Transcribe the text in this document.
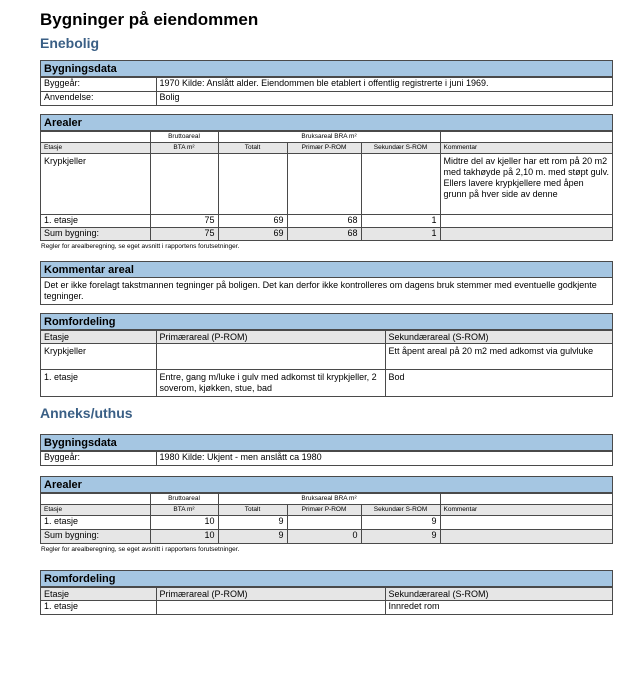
Bygninger på eiendommen
Enebolig
Bygningsdata
Byggeår:	1970 Kilde: Anslått alder. Eiendommen ble etablert i offentlig registrerte i juni 1969.
Anvendelse:	Bolig
Arealer
	Bruttoareal	Bruksareal BRA m²			
Etasje	BTA m²	Totalt	Primær P-ROM	Sekundær S-ROM	Kommentar
Krypkjeller					Midtre del av kjeller har ett rom på 20 m2 med takhøyde på 2,10 m. med støpt gulv. Ellers lavere krypkjellere med åpen grunn på hver side av denne
1. etasje	75	69	68	1	
Sum bygning:	75	69	68	1	
Regler for arealberegning, se eget avsnitt i rapportens forutsetninger.
Kommentar areal
Det er ikke forelagt takstmannen tegninger på boligen. Det kan derfor ikke kontrolleres om dagens bruk stemmer med eventuelle godkjente tegninger.
Romfordeling
Etasje	Primærareal (P-ROM)	Sekundærareal (S-ROM)
Krypkjeller		Ett åpent areal på 20 m2 med adkomst via gulvluke
1. etasje	Entre, gang m/luke i gulv med adkomst til krypkjeller, 2 soverom, kjøkken, stue, bad	Bod
Anneks/uthus
Bygningsdata
Byggeår:	1980 Kilde: Ukjent - men anslått ca 1980
Arealer
	Bruttoareal	Bruksareal BRA m²			
Etasje	BTA m²	Totalt	Primær P-ROM	Sekundær S-ROM	Kommentar
1. etasje	10	9		9	
Sum bygning:	10	9	0	9	
Regler for arealberegning, se eget avsnitt i rapportens forutsetninger.
Romfordeling
Etasje	Primærareal (P-ROM)	Sekundærareal (S-ROM)
1. etasje		Innredet rom
